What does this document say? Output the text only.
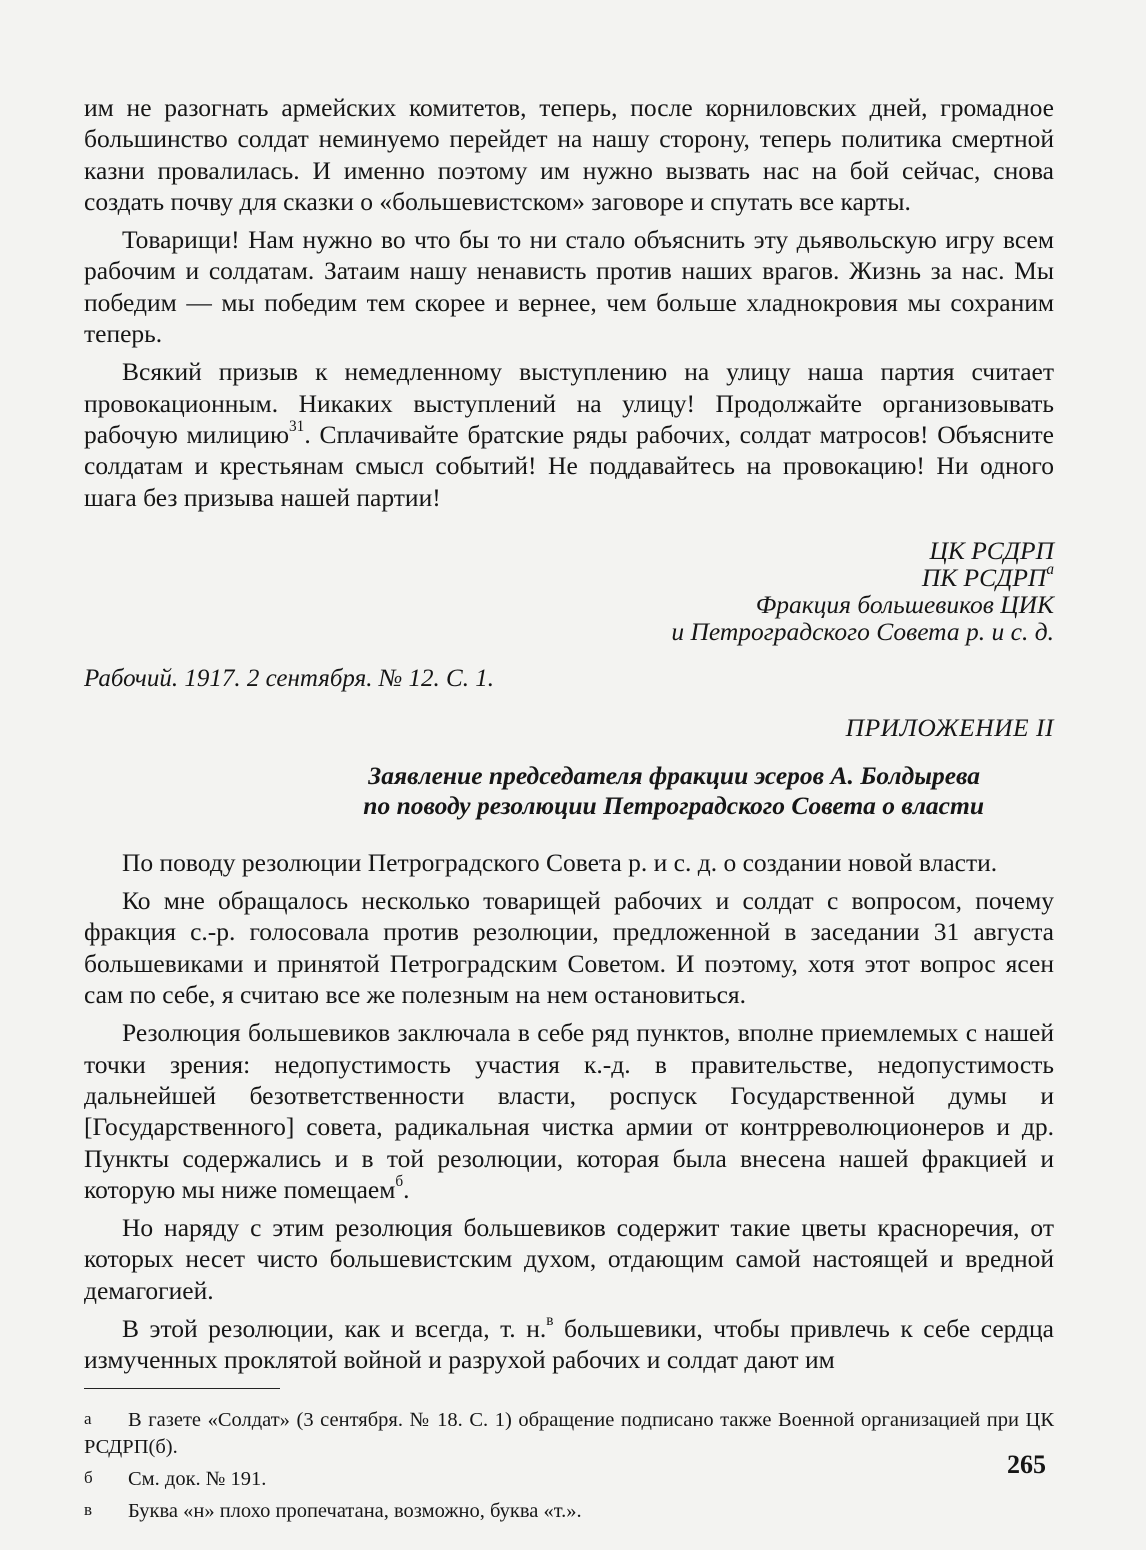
им не разогнать армейских комитетов, теперь, после корниловских дней, громадное большинство солдат неминуемо перейдет на нашу сторону, теперь политика смертной казни провалилась. И именно поэтому им нужно вызвать нас на бой сейчас, снова создать почву для сказки о «большевистском» заговоре и спутать все карты.

Товарищи! Нам нужно во что бы то ни стало объяснить эту дьявольскую игру всем рабочим и солдатам. Затаим нашу ненависть против наших врагов. Жизнь за нас. Мы победим — мы победим тем скорее и вернее, чем больше хладнокровия мы сохраним теперь.

Всякий призыв к немедленному выступлению на улицу наша партия считает провокационным. Никаких выступлений на улицу! Продолжайте организовывать рабочую милицию$^{31}$. Сплачивайте братские ряды рабочих, солдат матросов! Объясните солдатам и крестьянам смысл событий! Не поддавайтесь на провокацию! Ни одного шага без призыва нашей партии!

ЦК РСДРП
ПК $РСДРП^а$
Фракция большевиков ЦИК
и Петроградского Совета р. и с. д.
Рабочий. 1917. 2 сентября. № 12. С. 1.
ПРИЛОЖЕНИЕ II
Заявление председателя фракции эсеров А. Болдырева
по поводу резолюции Петроградского Совета о власти

По поводу резолюции Петроградского Совета р. и с. д. о создании новой власти.

Ко мне обращалось несколько товарищей рабочих и солдат с вопросом, почему фракция с.-р. голосовала против резолюции, предложенной в заседании 31 августа большевиками и принятой Петроградским Советом. И поэтому, хотя этот вопрос ясен сам по себе, я считаю все же полезным на нем остановиться.

Резолюция большевиков заключала в себе ряд пунктов, вполне приемлемых с нашей точки зрения: недопустимость участия к.-д. в правительстве, недопустимость дальнейшей безответственности власти, роспуск Государственной думы и [Государственного] совета, радикальная чистка армии от контрреволюционеров и др. Пункты содержались и в той резолюции, которая была внесена нашей фракцией и которую мы ниже помещаем$^б$.

Но наряду с этим резолюция большевиков содержит такие цветы красноречия, от которых несет чисто большевистским духом, отдающим самой настоящей и вредной демагогией.

В этой резолюции, как и всегда, т. н.$^в$ большевики, чтобы привлечь к себе сердца измученных проклятой войной и разрухой рабочих и солдат дают им

а В газете «Солдат» (3 сентября. № 18. С. 1) обращение подписано также Военной организацией при ЦК РСДРП(б).
б См. док. № 191.
в Буква «н» плохо пропечатана, возможно, буква «т.».
265
